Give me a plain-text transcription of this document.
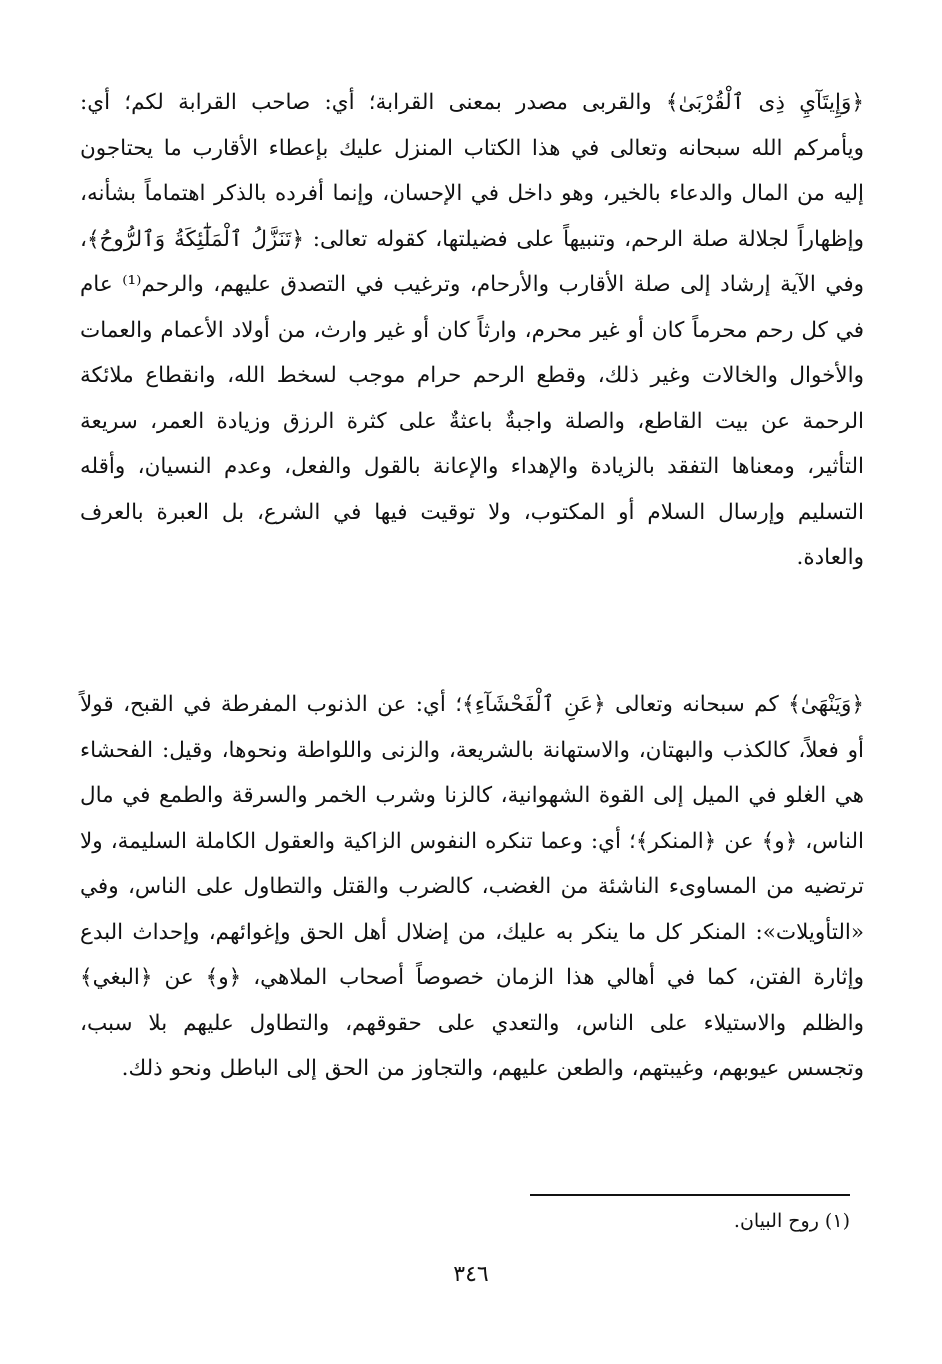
﴿وَإِيتَآيِ ذِى ٱلْقُرْبَىٰ﴾ والقربى مصدر بمعنى القرابة؛ أي: صاحب القرابة لكم؛ أي: ويأمركم الله سبحانه وتعالى في هذا الكتاب المنزل عليك بإعطاء الأقارب ما يحتاجون إليه من المال والدعاء بالخير، وهو داخل في الإحسان، وإنما أفرده بالذكر اهتماماً بشأنه، وإظهاراً لجلالة صلة الرحم، وتنبيهاً على فضيلتها، كقوله تعالى: ﴿تَنَزَّلُ ٱلْمَلَٰٓئِكَةُ وَٱلرُّوحُ﴾، وفي الآية إرشاد إلى صلة الأقارب والأرحام، وترغيب في التصدق عليهم، والرحم⁽¹⁾ عام في كل رحم محرماً كان أو غير محرم، وارثاً كان أو غير وارث، من أولاد الأعمام والعمات والأخوال والخالات وغير ذلك، وقطع الرحم حرام موجب لسخط الله، وانقطاع ملائكة الرحمة عن بيت القاطع، والصلة واجبةٌ باعثةٌ على كثرة الرزق وزيادة العمر، سريعة التأثير، ومعناها التفقد بالزيادة والإهداء والإعانة بالقول والفعل، وعدم النسيان، وأقله التسليم وإرسال السلام أو المكتوب، ولا توقيت فيها في الشرع، بل العبرة بالعرف والعادة.

﴿وَيَنْهَىٰ﴾ كم سبحانه وتعالى ﴿عَنِ ٱلْفَحْشَآءِ﴾؛ أي: عن الذنوب المفرطة في القبح، قولاً أو فعلاً، كالكذب والبهتان، والاستهانة بالشريعة، والزنى واللواطة ونحوها، وقيل: الفحشاء هي الغلو في الميل إلى القوة الشهوانية، كالزنا وشرب الخمر والسرقة والطمع في مال الناس، ﴿و﴾ عن ﴿المنكر﴾؛ أي: وعما تنكره النفوس الزاكية والعقول الكاملة السليمة، ولا ترتضيه من المساوىء الناشئة من الغضب، كالضرب والقتل والتطاول على الناس، وفي «التأويلات»: المنكر كل ما ينكر به عليك، من إضلال أهل الحق وإغوائهم، وإحداث البدع وإثارة الفتن، كما في أهالي هذا الزمان خصوصاً أصحاب الملاهي، ﴿و﴾ عن ﴿البغي﴾ والظلم والاستيلاء على الناس، والتعدي على حقوقهم، والتطاول عليهم بلا سبب، وتجسس عيوبهم، وغيبتهم، والطعن عليهم، والتجاوز من الحق إلى الباطل ونحو ذلك.

(١) روح البيان.

٣٤٦
